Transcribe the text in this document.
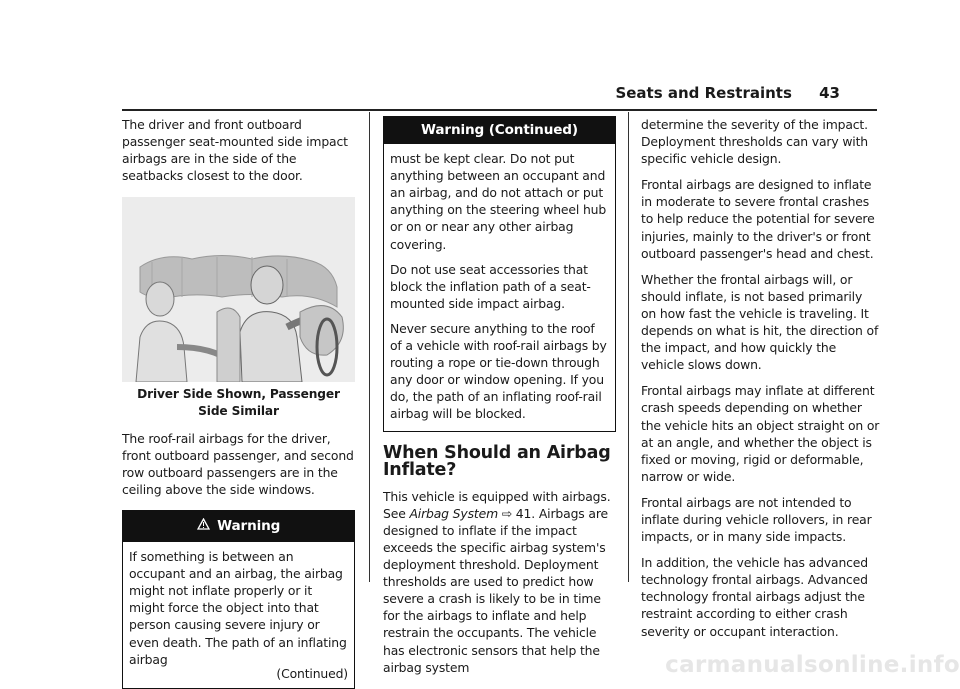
Seats and Restraints 43

The driver and front outboard passenger seat-mounted side impact airbags are in the side of the seatbacks closest to the door.

Driver Side Shown, Passenger Side Similar

The roof-rail airbags for the driver, front outboard passenger, and second row outboard passengers are in the ceiling above the side windows.

Warning

If something is between an occupant and an airbag, the airbag might not inflate properly or it might force the object into that person causing severe injury or even death. The path of an inflating airbag

(Continued)
Warning (Continued)

must be kept clear. Do not put anything between an occupant and an airbag, and do not attach or put anything on the steering wheel hub or on or near any other airbag covering.

Do not use seat accessories that block the inflation path of a seat-mounted side impact airbag.

Never secure anything to the roof of a vehicle with roof-rail airbags by routing a rope or tie-down through any door or window opening. If you do, the path of an inflating roof-rail airbag will be blocked.

When Should an Airbag Inflate?

This vehicle is equipped with airbags. See Airbag System ⇨ 41. Airbags are designed to inflate if the impact exceeds the specific airbag system's deployment threshold. Deployment thresholds are used to predict how severe a crash is likely to be in time for the airbags to inflate and help restrain the occupants. The vehicle has electronic sensors that help the airbag system

determine the severity of the impact. Deployment thresholds can vary with specific vehicle design.

Frontal airbags are designed to inflate in moderate to severe frontal crashes to help reduce the potential for severe injuries, mainly to the driver's or front outboard passenger's head and chest.

Whether the frontal airbags will, or should inflate, is not based primarily on how fast the vehicle is traveling. It depends on what is hit, the direction of the impact, and how quickly the vehicle slows down.

Frontal airbags may inflate at different crash speeds depending on whether the vehicle hits an object straight on or at an angle, and whether the object is fixed or moving, rigid or deformable, narrow or wide.

Frontal airbags are not intended to inflate during vehicle rollovers, in rear impacts, or in many side impacts.

In addition, the vehicle has advanced technology frontal airbags. Advanced technology frontal airbags adjust the restraint according to either crash severity or occupant interaction.

carmanualsonline.info
